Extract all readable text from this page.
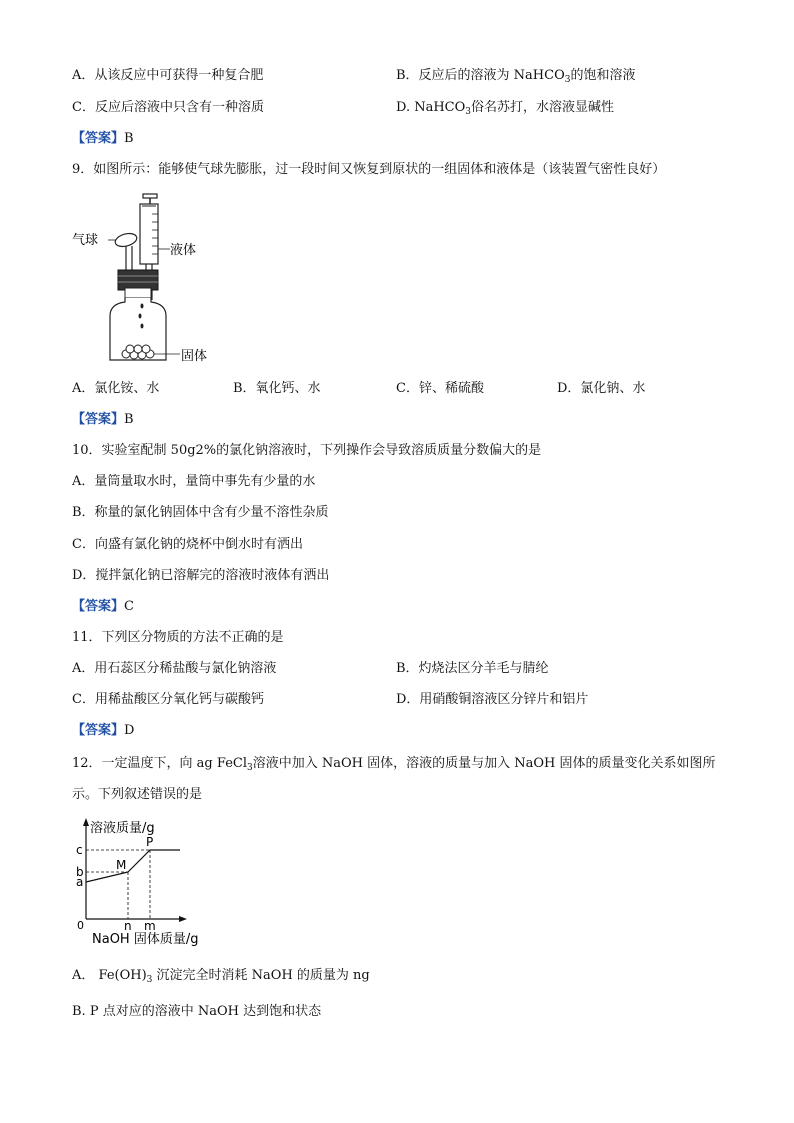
A．从该反应中可获得一种复合肥	B．反应后的溶液为 NaHCO$_3$的饱和溶液
C．反应后溶液中只含有一种溶质	D. NaHCO$_3$俗名苏打，水溶液显碱性
【答案】B
9．如图所示：能够使气球先膨胀，过一段时间又恢复到原状的一组固体和液体是（该装置气密性良好）
气球
液体
固体
A．氯化铵、水	B．氧化钙、水	C．锌、稀硫酸	D．氯化钠、水
【答案】B
10．实验室配制 50g2%的氯化钠溶液时，下列操作会导致溶质质量分数偏大的是
A．量筒量取水时，量筒中事先有少量的水
B．称量的氯化钠固体中含有少量不溶性杂质
C．向盛有氯化钠的烧杯中倒水时有洒出
D．搅拌氯化钠已溶解完的溶液时液体有洒出
【答案】C
11．下列区分物质的方法不正确的是
A．用石蕊区分稀盐酸与氯化钠溶液	B．灼烧法区分羊毛与腈纶
C．用稀盐酸区分氧化钙与碳酸钙	D．用硝酸铜溶液区分锌片和铝片
【答案】D
12．一定温度下，向 ag FeCl$_3$溶液中加入 NaOH 固体，溶液的质量与加入 NaOH 固体的质量变化关系如图所
示。下列叙述错误的是
溶液质量/g
c
b
a
0	n m
M
P
NaOH 固体质量/g
A． $Fe(OH)_3$ 沉淀完全时消耗 NaOH 的质量为 ng
B. P 点对应的溶液中 NaOH 达到饱和状态
